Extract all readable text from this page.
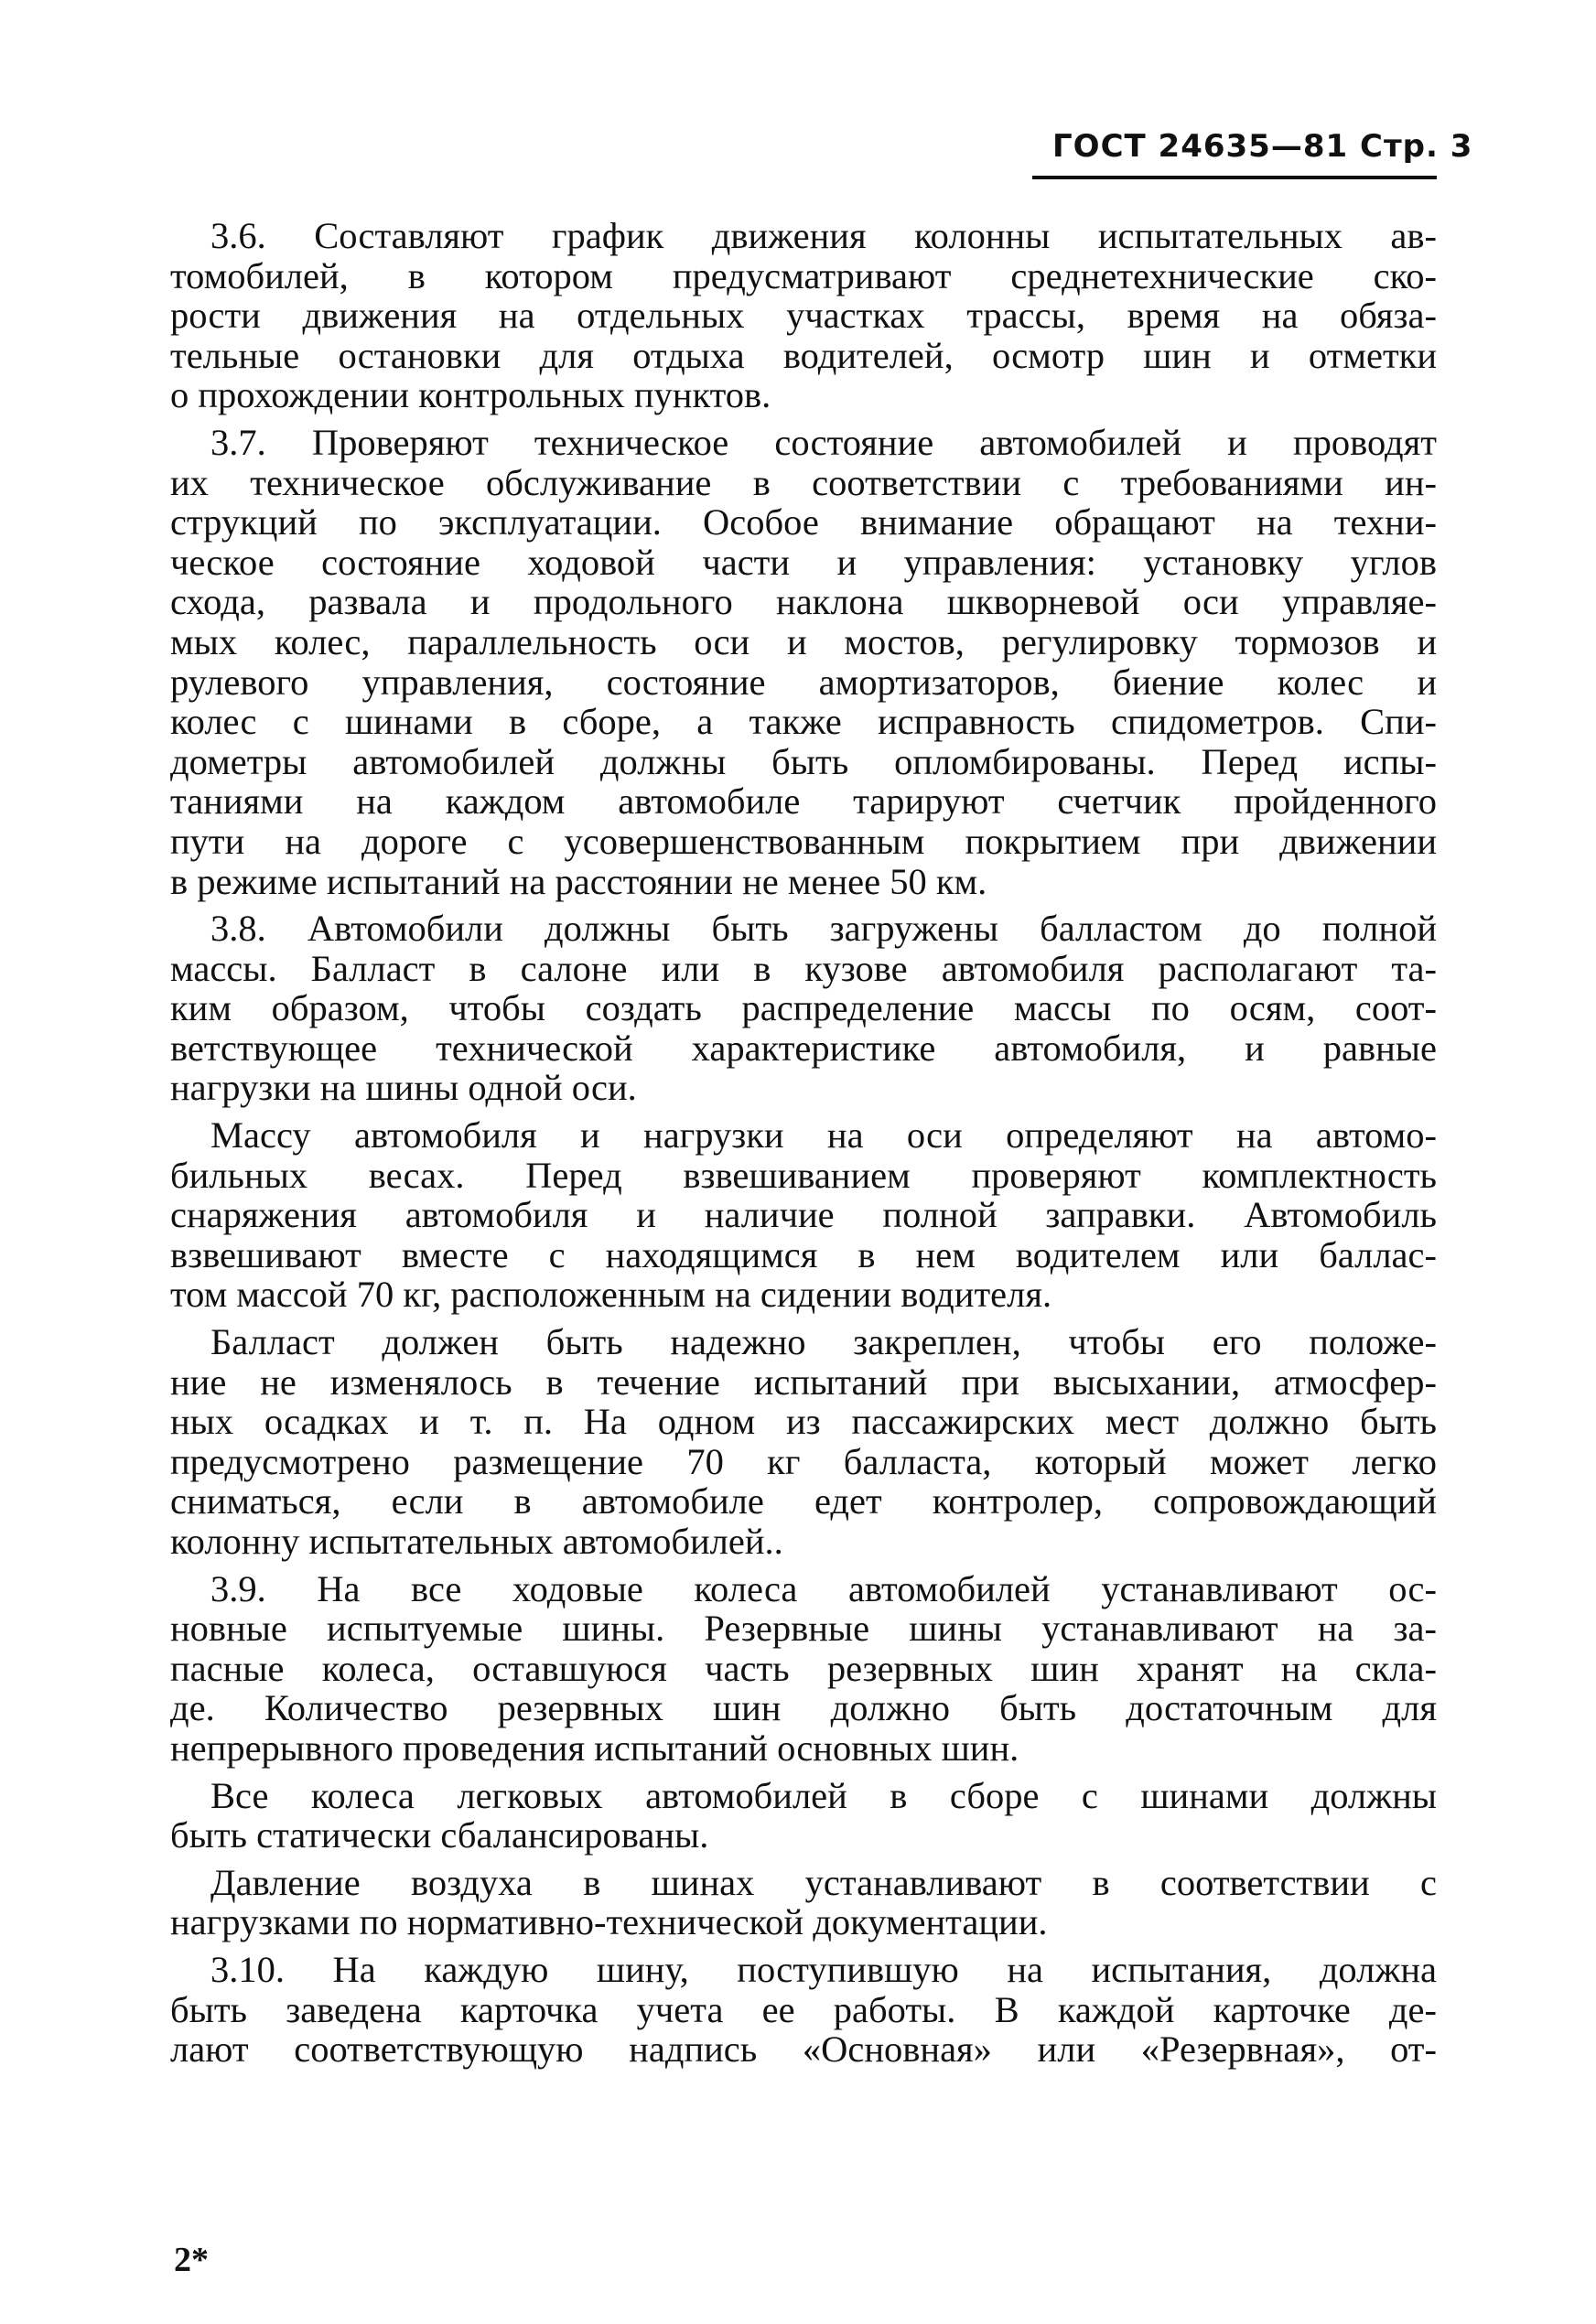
ГОСТ 24635—81 Стр. 3
3.6. Составляют график движения колонны испытательных ав-
томобилей, в котором предусматривают среднетехнические ско-
рости движения на отдельных участках трассы, время на обяза-
тельные остановки для отдыха водителей, осмотр шин и отметки
о прохождении контрольных пунктов.
3.7. Проверяют техническое состояние автомобилей и проводят
их техническое обслуживание в соответствии с требованиями ин-
струкций по эксплуатации. Особое внимание обращают на техни-
ческое состояние ходовой части и управления: установку углов
схода, развала и продольного наклона шкворневой оси управляе-
мых колес, параллельность оси и мостов, регулировку тормозов и
рулевого управления, состояние амортизаторов, биение колес и
колес с шинами в сборе, а также исправность спидометров. Спи-
дометры автомобилей должны быть опломбированы. Перед испы-
таниями на каждом автомобиле тарируют счетчик пройденного
пути на дороге с усовершенствованным покрытием при движении
в режиме испытаний на расстоянии не менее 50 км.
3.8. Автомобили должны быть загружены балластом до полной
массы. Балласт в салоне или в кузове автомобиля располагают та-
ким образом, чтобы создать распределение массы по осям, соот-
ветствующее технической характеристике автомобиля, и равные
нагрузки на шины одной оси.
Массу автомобиля и нагрузки на оси определяют на автомо-
бильных весах. Перед взвешиванием проверяют комплектность
снаряжения автомобиля и наличие полной заправки. Автомобиль
взвешивают вместе с находящимся в нем водителем или баллас-
том массой 70 кг, расположенным на сидении водителя.
Балласт должен быть надежно закреплен, чтобы его положе-
ние не изменялось в течение испытаний при высыхании, атмосфер-
ных осадках и т. п. На одном из пассажирских мест должно быть
предусмотрено размещение 70 кг балласта, который может легко
сниматься, если в автомобиле едет контролер, сопровождающий
колонну испытательных автомобилей..
3.9. На все ходовые колеса автомобилей устанавливают ос-
новные испытуемые шины. Резервные шины устанавливают на за-
пасные колеса, оставшуюся часть резервных шин хранят на скла-
де. Количество резервных шин должно быть достаточным для
непрерывного проведения испытаний основных шин.
Все колеса легковых автомобилей в сборе с шинами должны
быть статически сбалансированы.
Давление воздуха в шинах устанавливают в соответствии с
нагрузками по нормативно-технической документации.
3.10. На каждую шину, поступившую на испытания, должна
быть заведена карточка учета ее работы. В каждой карточке де-
лают соответствующую надпись «Основная» или «Резервная», от-
2*
